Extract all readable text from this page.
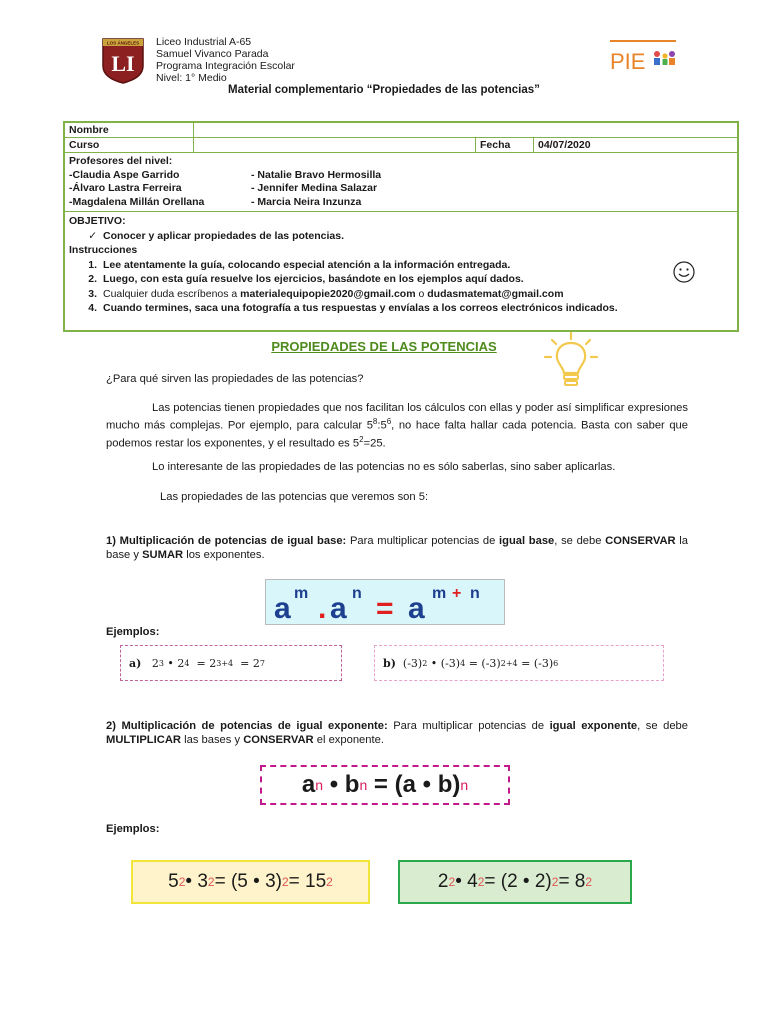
LOS ÁNGELES
LI
Liceo Industrial A-65
Samuel Vivanco Parada
Programa Integración Escolar
Nivel: 1° Medio
PIE
Material complementario “Propiedades de las potencias”
Nombre
Curso	Fecha	04/07/2020
Profesores del nivel:
-Claudia Aspe Garrido	- Natalie Bravo Hermosilla
-Álvaro Lastra Ferreira	- Jennifer Medina Salazar
-Magdalena Millán Orellana	- Marcia Neira Inzunza
OBJETIVO:
✓ Conocer y aplicar propiedades de las potencias.
Instrucciones
1. Lee atentamente la guía, colocando especial atención a la información entregada.
2. Luego, con esta guía resuelve los ejercicios, basándote en los ejemplos aquí dados.
3. Cualquier duda escríbenos a materialequipopie2020@gmail.com o dudasmatemat@gmail.com
4. Cuando termines, saca una fotografía a tus respuestas y envíalas a los correos electrónicos indicados.
PROPIEDADES DE LAS POTENCIAS
¿Para qué sirven las propiedades de las potencias?
Las potencias tienen propiedades que nos facilitan los cálculos con ellas y poder así simplificar expresiones mucho más complejas. Por ejemplo, para calcular $5^8:5^6$, no hace falta hallar cada potencia. Basta con saber que podemos restar los exponentes, y el resultado es $5^2=25$.
Lo interesante de las propiedades de las potencias no es sólo saberlas, sino saber aplicarlas.
Las propiedades de las potencias que veremos son 5:
1) Multiplicación de potencias de igual base: Para multiplicar potencias de igual base, se debe CONSERVAR la base y SUMAR los exponentes.
a m . a n = a m + n
Ejemplos:
a)
2 3 • 2 4 = 2 3+4 = 2 7	b)
(-3) 2 • (-3) 4 = (-3) 2+4 = (-3) 6
2) Multiplicación de potencias de igual exponente: Para multiplicar potencias de igual exponente, se debe MULTIPLICAR las bases y CONSERVAR el exponente.
a n
•
b n
= (a
•
b) n
Ejemplos:
5 2 • 3 2 = (5 • 3) 2 = 15 2	2 2 • 4 2 = (2 • 2) 2 = 8 2
